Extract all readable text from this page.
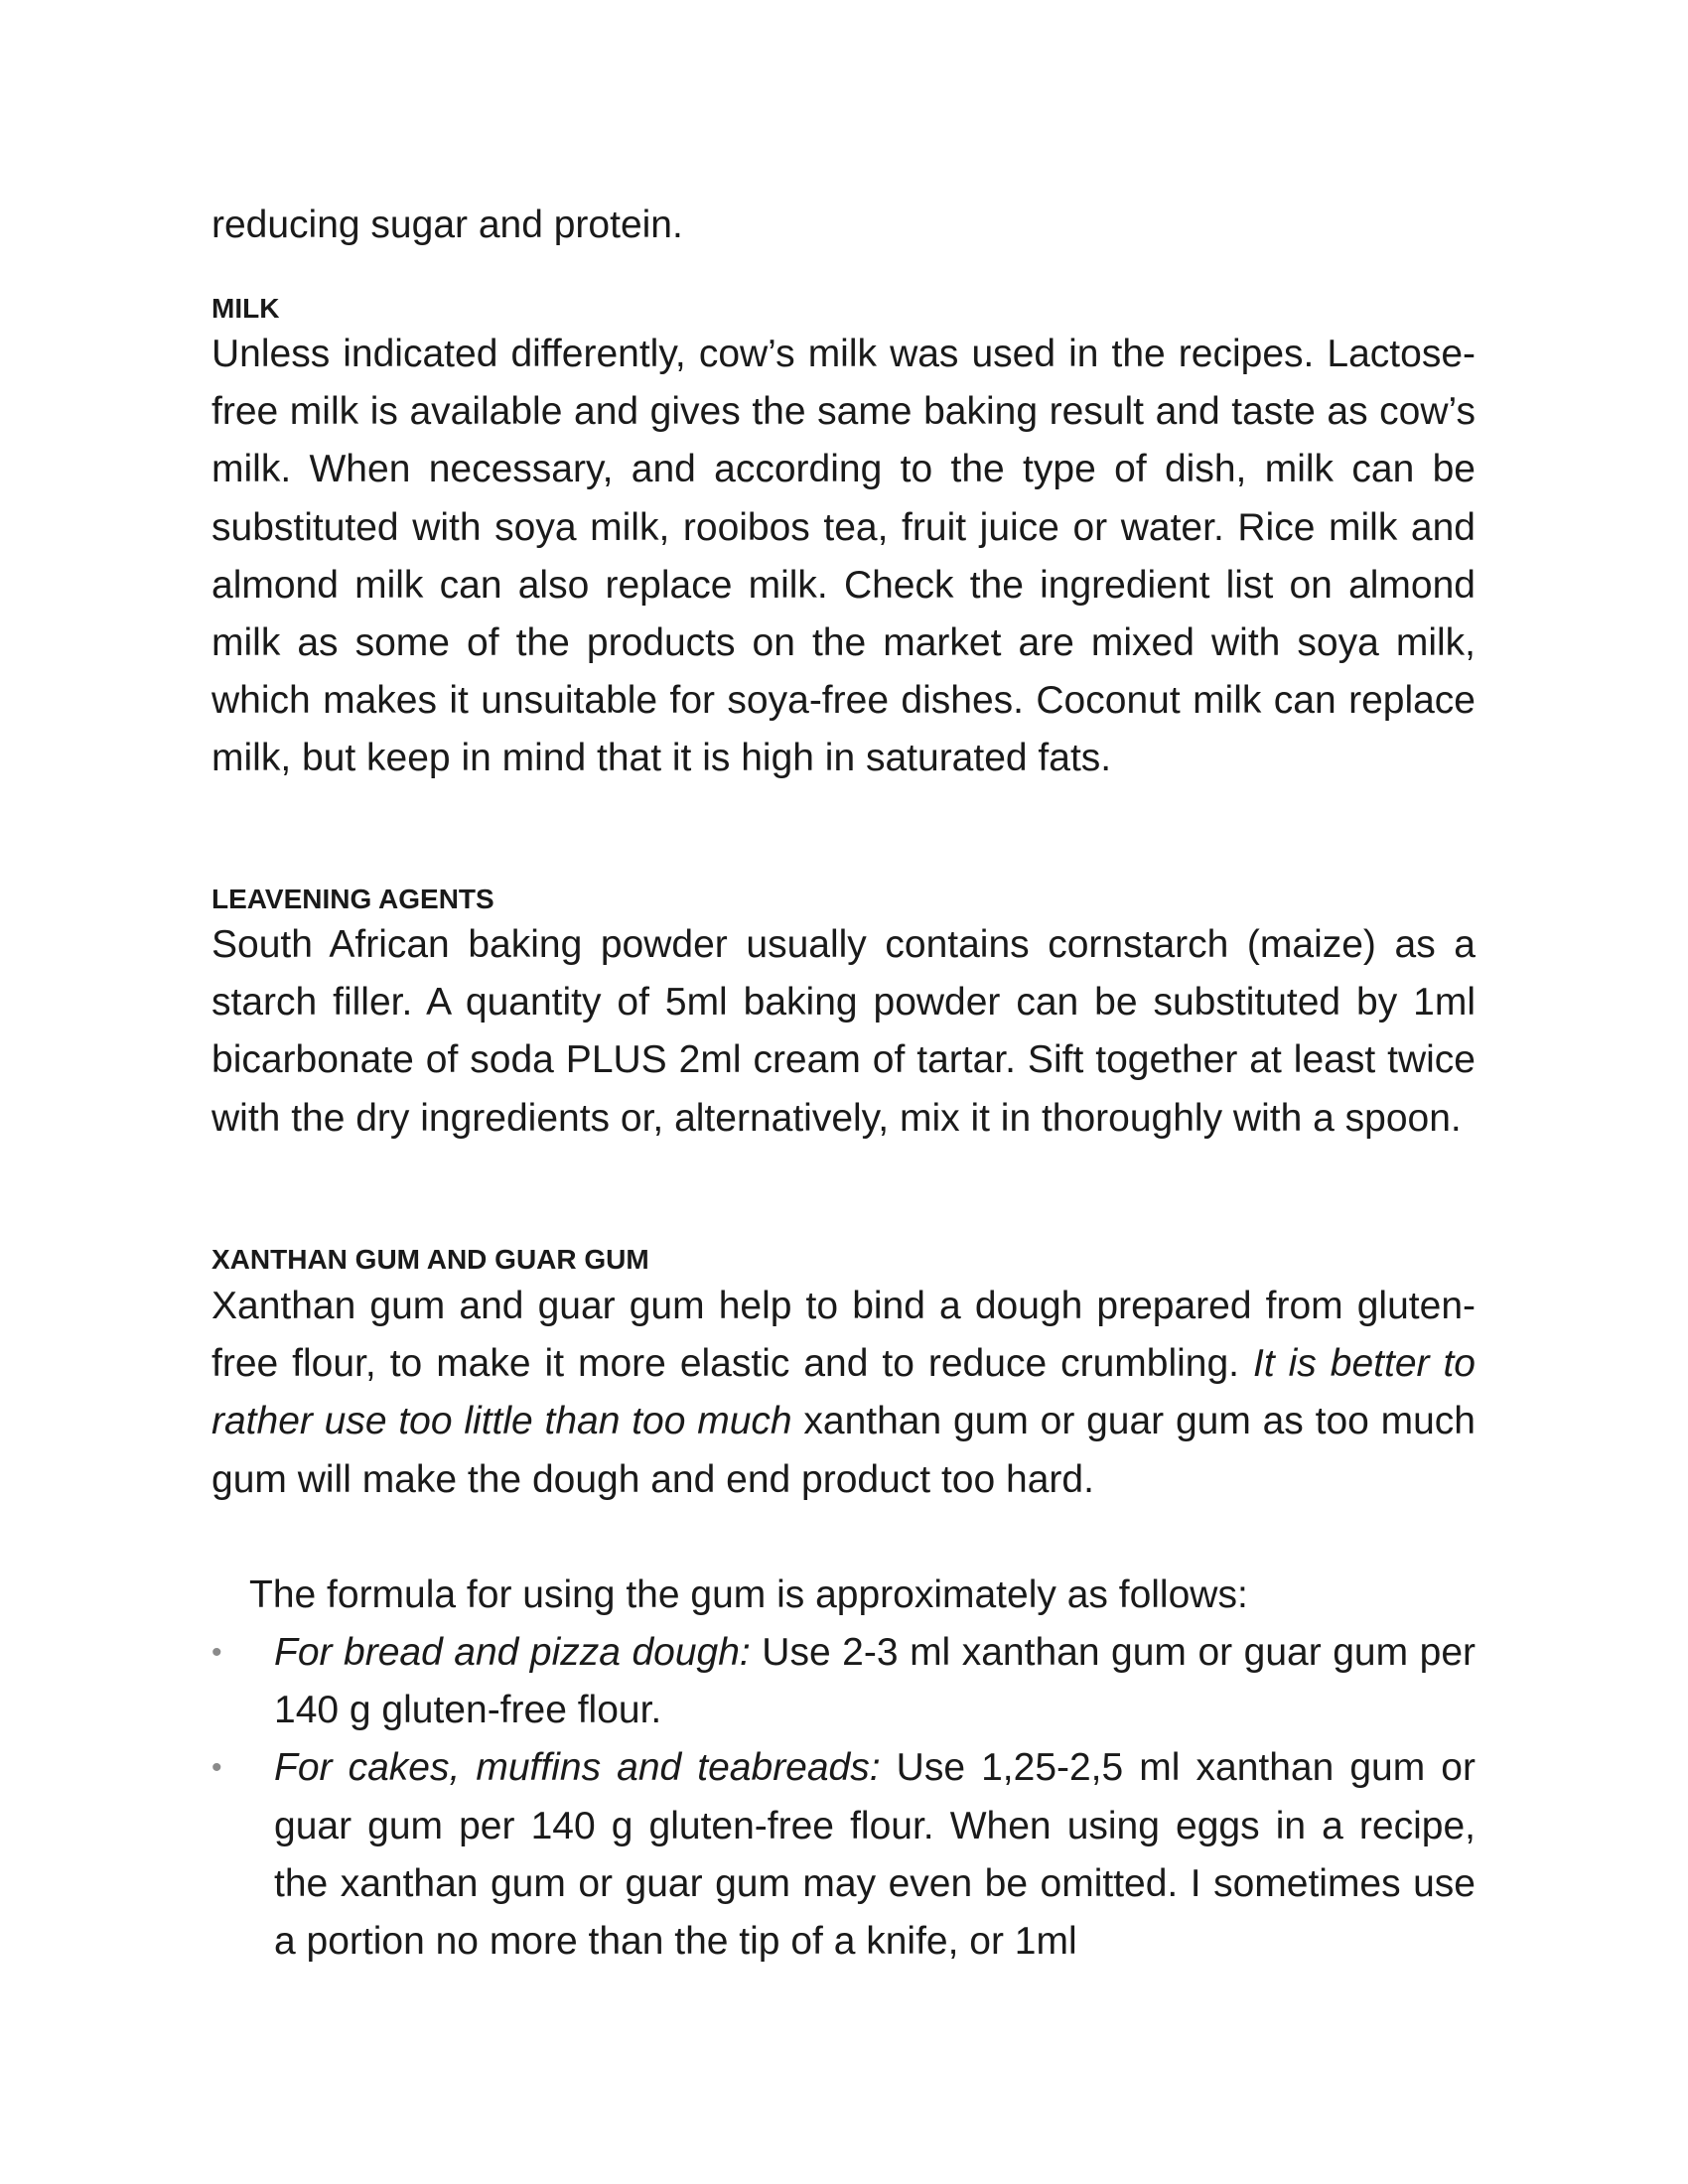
reducing sugar and protein.

MILK

Unless indicated differently, cow’s milk was used in the recipes. Lactose-free milk is available and gives the same baking result and taste as cow’s milk. When necessary, and according to the type of dish, milk can be substituted with soya milk, rooibos tea, fruit juice or water. Rice milk and almond milk can also replace milk. Check the ingredient list on almond milk as some of the products on the market are mixed with soya milk, which makes it unsuitable for soya-free dishes. Coconut milk can replace milk, but keep in mind that it is high in saturated fats.

LEAVENING AGENTS

South African baking powder usually contains cornstarch (maize) as a starch filler. A quantity of 5ml baking powder can be substituted by 1ml bicarbonate of soda PLUS 2ml cream of tartar. Sift together at least twice with the dry ingredients or, alternatively, mix it in thoroughly with a spoon.

XANTHAN GUM AND GUAR GUM

Xanthan gum and guar gum help to bind a dough prepared from gluten-free flour, to make it more elastic and to reduce crumbling. It is better to rather use too little than too much xanthan gum or guar gum as too much gum will make the dough and end product too hard.

The formula for using the gum is approximately as follows:

• For bread and pizza dough: Use 2-3 ml xanthan gum or guar gum per 140 g gluten-free flour.
• For cakes, muffins and teabreads: Use 1,25-2,5 ml xanthan gum or guar gum per 140 g gluten-free flour. When using eggs in a recipe, the xanthan gum or guar gum may even be omitted. I sometimes use a portion no more than the tip of a knife, or 1ml
